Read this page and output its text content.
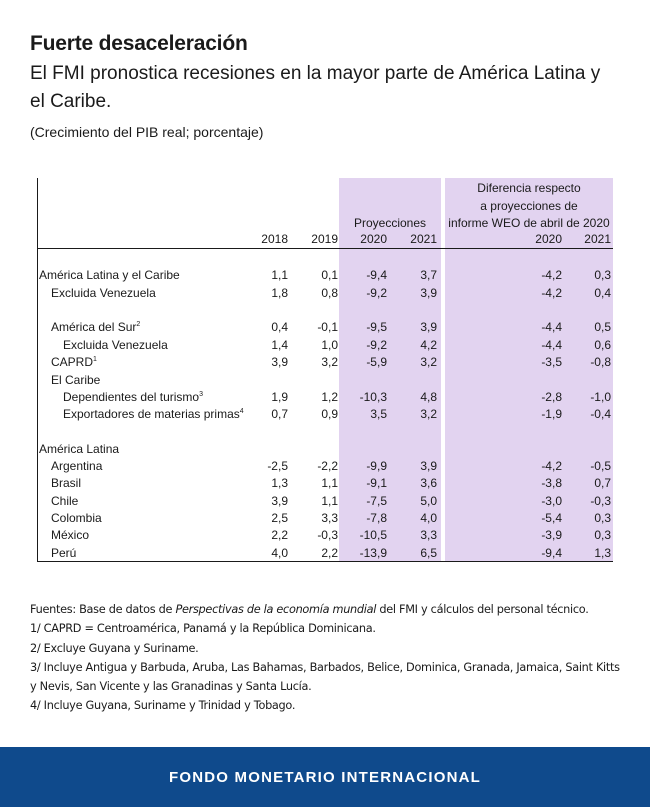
Fuerte desaceleración

El FMI pronostica recesiones en la mayor parte de América Latina y el Caribe.

(Crecimiento del PIB real; porcentaje)

Proyecciones
Diferencia respecto
a proyecciones de
informe WEO de abril de 2020
2018 2019 2020 2021	2020 2021
América Latina y el Caribe	1,1	0,1 -9,4	3,7	-4,2	0,3
Excluida Venezuela	1,8	0,8 -9,2	3,9	-4,2	0,4
América del Sur$^2$	0,4 -0,1 -9,5	3,9	-4,4	0,5
Excluida Venezuela	1,4	1,0 -9,2	4,2	-4,4	0,6
CAPRD$^1$	3,9	3,2 -5,9	3,2	-3,5 -0,8
El Caribe
Dependientes del turismo$^3$	1,9	1,2 -10,3	4,8	-2,8 -1,0
Exportadores de materias primas$^4$ 0,7	0,9	3,5	3,2	-1,9 -0,4
América Latina
Argentina	-2,5 -2,2 -9,9	3,9	-4,2 -0,5
Brasil	1,3	1,1 -9,1	3,6	-3,8	0,7
Chile	3,9	1,1 -7,5	5,0	-3,0 -0,3
Colombia	2,5	3,3 -7,8	4,0	-5,4	0,3
México	2,2 -0,3 -10,5	3,3	-3,9	0,3
Perú	4,0	2,2 -13,9	6,5	-9,4	1,3

Fuentes: Base de datos de Perspectivas de la economía mundial del FMI y cálculos del personal técnico.

1/ CAPRD = Centroamérica, Panamá y la República Dominicana.

2/ Excluye Guyana y Suriname.

3/ Incluye Antigua y Barbuda, Aruba, Las Bahamas, Barbados, Belice, Dominica, Granada, Jamaica, Saint Kitts y Nevis, San Vicente y las Granadinas y Santa Lucía.

4/ Incluye Guyana, Suriname y Trinidad y Tobago.

FONDO MONETARIO INTERNACIONAL
